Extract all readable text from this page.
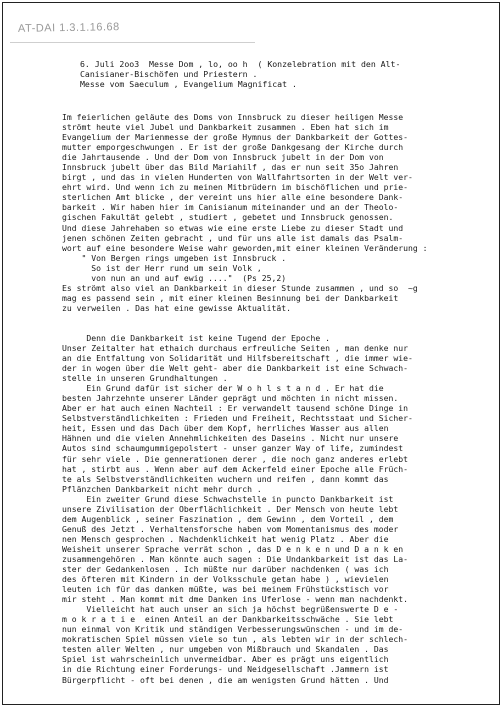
AT-DAI 1.3.1.16.68
6. Juli 2oo3  Messe Dom , lo, oo h  ( Konzelebration mit den Alt-
Canisianer-Bischöfen und Priestern .
Messe vom Saeculum , Evangelium Magnificat .
Im feierlichen geläute des Doms von Innsbruck zu dieser heiligen Messe
strömt heute viel Jubel und Dankbarkeit zusammen . Eben hat sich im
Evangelium der Marienmesse der große Hymnus der Dankbarkeit der Gottes-
mutter emporgeschwungen . Er ist der große Dankgesang der Kirche durch
die Jahrtausende . Und der Dom von Innsbruck jubelt in der Dom von
Innsbruck jubelt über das Bild Mariahilf , das er nun seit 35o Jahren
birgt , und das in vielen Hunderten von Wallfahrtsorten in der Welt ver-
ehrt wird. Und wenn ich zu meinen Mitbrüdern im bischöflichen und prie-
sterlichen Amt blicke , der vereint uns hier alle eine besondere Dank-
barkeit . Wir haben hier im Canisianum miteinander und an der Theolo-
gischen Fakultät gelebt , studiert , gebetet und Innsbruck genossen.
Und diese Jahrehaben so etwas wie eine erste Liebe zu dieser Stadt und
jenen schönen Zeiten gebracht , und für uns alle ist damals das Psalm-
wort auf eine besondere Weise wahr geworden,mit einer kleinen Veränderung :
" Von Bergen rings umgeben ist Innsbruck .
So ist der Herr rund um sein Volk ,
von nun an und auf ewig ...."  (Ps 25,2)
Es strömt also viel an Dankbarkeit in dieser Stunde zusammen , und so  ~g
mag es passend sein , mit einer kleinen Besinnung bei der Dankbarkeit
zu verweilen . Das hat eine gewisse Aktualität.
Denn die Dankbarkeit ist keine Tugend der Epoche .
Unser Zeitalter hat ethaich durchaus erfreuliche Seiten , man denke nur
an die Entfaltung von Solidarität und Hilfsbereitschaft , die immer wie-
der in wogen über die Welt geht- aber die Dankbarkeit ist eine Schwach-
stelle in unseren Grundhaltungen .
Ein Grund dafür ist sicher der W o h l s t a n d . Er hat die
besten Jahrzehnte unserer Länder geprägt und möchten in nicht missen.
Aber er hat auch einen Nachteil : Er verwandelt tausend schöne Dinge in
Selbstverständlichkeiten : Frieden und Freiheit, Rechtsstaat und Sicher-
heit, Essen und das Dach über dem Kopf, herrliches Wasser aus allen
Hähnen und die vielen Annehmlichkeiten des Daseins . Nicht nur unsere
Autos sind schaumgummigepolstert - unser ganzer Way of life, zumindest
für sehr viele . Die gennerationen derer , die noch ganz anderes erlebt
hat , stirbt aus . Wenn aber auf dem Ackerfeld einer Epoche alle Früch-
te als Selbstverständlichkeiten wuchern und reifen , dann kommt das
Pflänzchen Dankbarkeit nicht mehr durch .
Ein zweiter Grund diese Schwachstelle in puncto Dankbarkeit ist
unsere Zivilisation der Oberflächlichkeit . Der Mensch von heute lebt
dem Augenblick , seiner Faszination , dem Gewinn , dem Vorteil , dem
Genuß des Jetzt . Verhaltensforsche haben vom Momentanismus des moder
nen Mensch gesprochen . Nachdenklichkeit hat wenig Platz . Aber die
Weisheit unserer Sprache verrät schon , das D e n k e n und D a n k en
zusammengehören . Man könnte auch sagen : Die Undankbarkeit ist das La-
ster der Gedankenlosen . Ich müßte nur darüber nachdenken ( was ich
des öfteren mit Kindern in der Volksschule getan habe ) , wievielen
leuten ich für das danken müßte, was bei meinem Frühstückstisch vor
mir steht . Man kommt mit dme Danken ins Uferlose - wenn man nachdenkt.
Vielleicht hat auch unser an sich ja höchst begrüßenswerte D e -
m o k r a t i e  einen Anteil an der Dankbarkeitsschwäche . Sie lebt
nun einmal von Kritik und ständigen Verbesserungswünschen - und im de-
mokratischen Spiel müssen viele so tun , als lebten wir in der schlech-
testen aller Welten , nur umgeben von Mißbrauch und Skandalen . Das
Spiel ist wahrscheinlich unvermeidbar. Aber es prägt uns eigentlich
in die Richtung einer Forderungs- und Neidgesellschaft .Jammern ist
Bürgerpflicht - oft bei denen , die am wenigsten Grund hätten . Und
